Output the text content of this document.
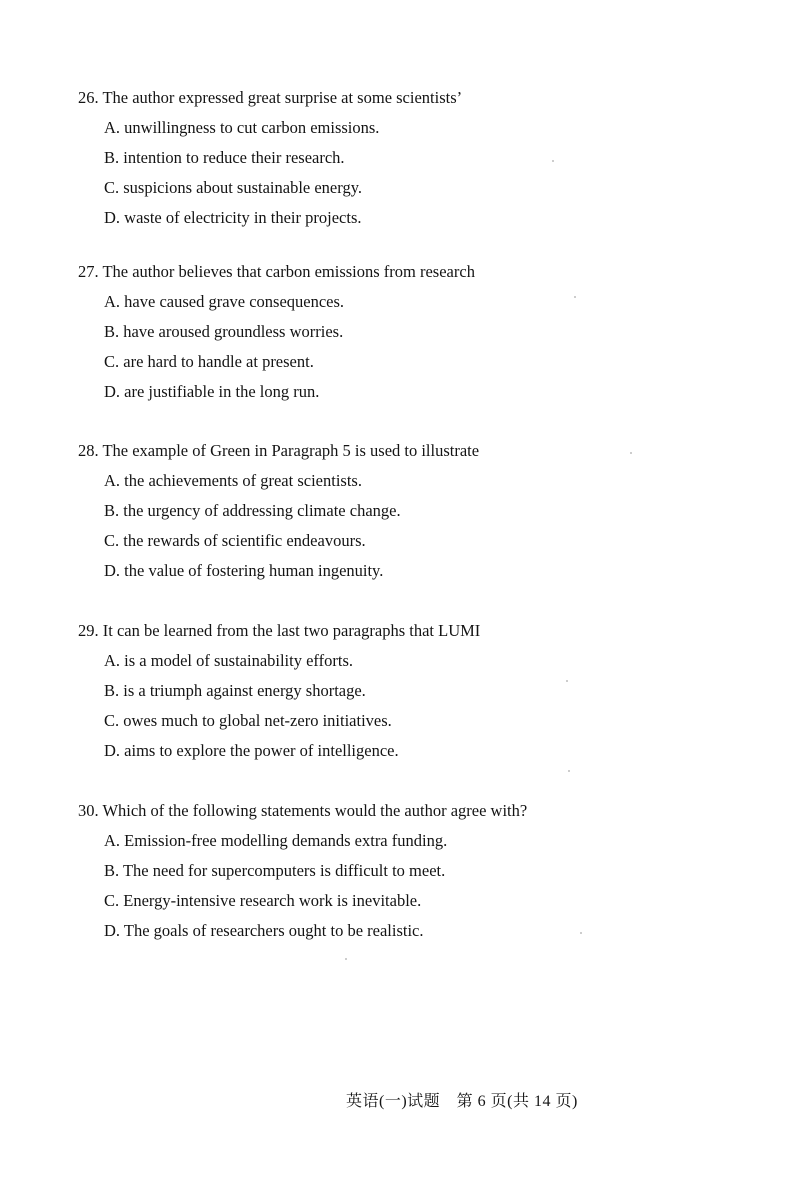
26. The author expressed great surprise at some scientists’
A. unwillingness to cut carbon emissions.
B. intention to reduce their research.
C. suspicions about sustainable energy.
D. waste of electricity in their projects.
27. The author believes that carbon emissions from research
A. have caused grave consequences.
B. have aroused groundless worries.
C. are hard to handle at present.
D. are justifiable in the long run.
28. The example of Green in Paragraph 5 is used to illustrate
A. the achievements of great scientists.
B. the urgency of addressing climate change.
C. the rewards of scientific endeavours.
D. the value of fostering human ingenuity.
29. It can be learned from the last two paragraphs that LUMI
A. is a model of sustainability efforts.
B. is a triumph against energy shortage.
C. owes much to global net-zero initiatives.
D. aims to explore the power of intelligence.
30. Which of the following statements would the author agree with?
A. Emission-free modelling demands extra funding.
B. The need for supercomputers is difficult to meet.
C. Energy-intensive research work is inevitable.
D. The goals of researchers ought to be realistic.
英语(一)试题　第 6 页(共 14 页)
